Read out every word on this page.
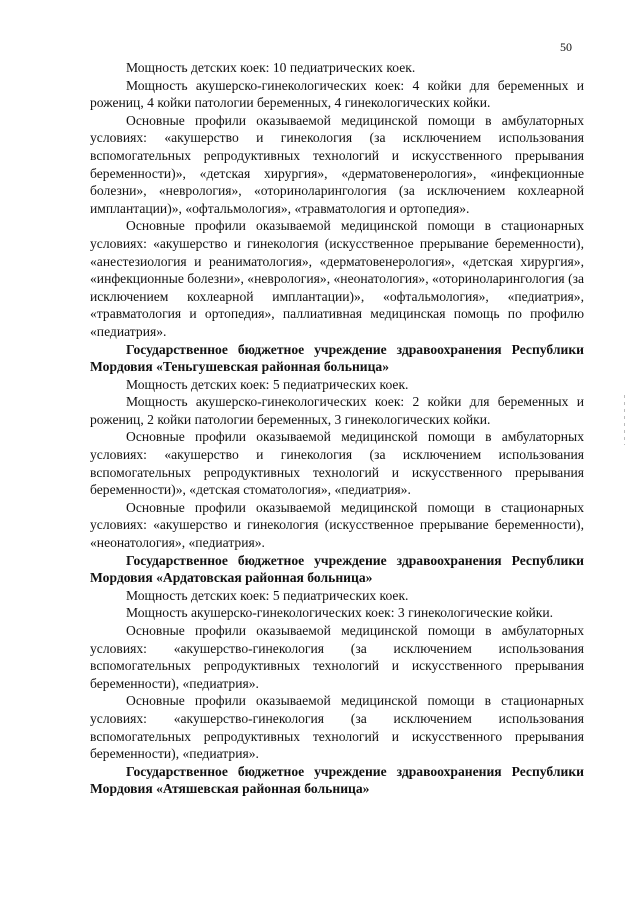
50

Мощность детских коек: 10 педиатрических коек.

Мощность акушерско-гинекологических коек: 4 койки для беременных и рожениц, 4 койки патологии беременных, 4 гинекологических койки.

Основные профили оказываемой медицинской помощи в амбулаторных условиях: «акушерство и гинекология (за исключением использования вспомогательных репродуктивных технологий и искусственного прерывания беременности)», «детская хирургия», «дерматовенерология», «инфекционные болезни», «неврология», «оториноларингология (за исключением кохлеарной имплантации)», «офтальмология», «травматология и ортопедия».

Основные профили оказываемой медицинской помощи в стационарных условиях: «акушерство и гинекология (искусственное прерывание беременности), «анестезиология и реаниматология», «дерматовенерология», «детская хирургия», «инфекционные болезни», «неврология», «неонатология», «оториноларингология (за исключением кохлеарной имплантации)», «офтальмология», «педиатрия», «травматология и ортопедия», паллиативная медицинская помощь по профилю «педиатрия».

Государственное бюджетное учреждение здравоохранения Республики Мордовия «Теньгушевская районная больница»

Мощность детских коек: 5 педиатрических коек.

Мощность акушерско-гинекологических коек: 2 койки для беременных и рожениц, 2 койки патологии беременных, 3 гинекологических койки.

Основные профили оказываемой медицинской помощи в амбулаторных условиях: «акушерство и гинекология (за исключением использования вспомогательных репродуктивных технологий и искусственного прерывания беременности)», «детская стоматология», «педиатрия».

Основные профили оказываемой медицинской помощи в стационарных условиях: «акушерство и гинекология (искусственное прерывание беременности), «неонатология», «педиатрия».

Государственное бюджетное учреждение здравоохранения Республики Мордовия «Ардатовская районная больница»

Мощность детских коек: 5 педиатрических коек.

Мощность акушерско-гинекологических коек: 3 гинекологические койки.

Основные профили оказываемой медицинской помощи в амбулаторных условиях: «акушерство-гинекология (за исключением использования вспомогательных репродуктивных технологий и искусственного прерывания беременности), «педиатрия».

Основные профили оказываемой медицинской помощи в стационарных условиях: «акушерство-гинекология (за исключением использования вспомогательных репродуктивных технологий и искусственного прерывания беременности), «педиатрия».

Государственное бюджетное учреждение здравоохранения Республики Мордовия «Атяшевская районная больница»
